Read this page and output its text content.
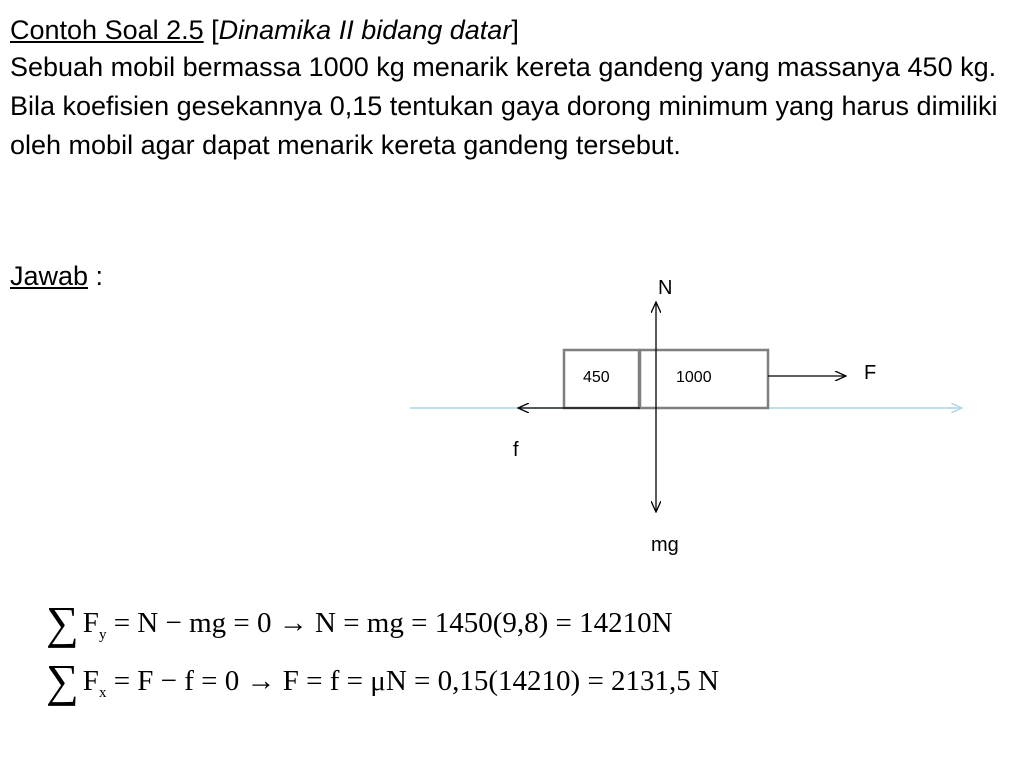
Contoh Soal 2.5 [Dinamika II bidang datar]

Sebuah mobil bermassa 1000 kg menarik kereta gandeng yang massanya 450 kg. Bila koefisien gesekannya 0,15 tentukan gaya dorong minimum yang harus dimiliki oleh mobil agar dapat menarik kereta gandeng tersebut.

Jawab :
450	1000
N
F
f
mg
∑ $F_y = N$ − mg = 0 → N = mg = 1450(9,8) = 14210N
∑ $F_x = F - f = 0 \to F = f = \mu N = 0,15(14210) = 2131,5$ N
